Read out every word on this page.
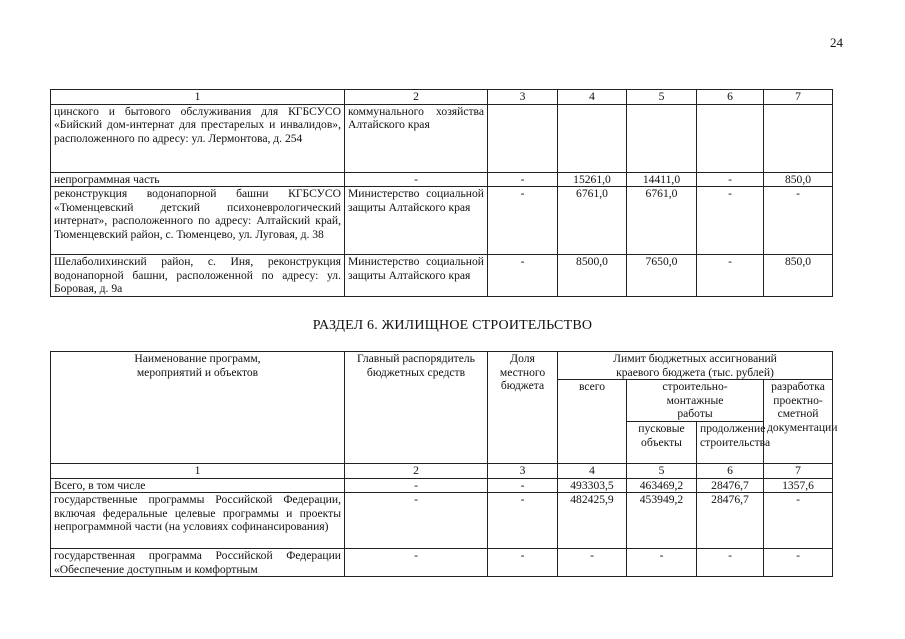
24
1	2	3	4	5	6	7
цинского и бытового обслуживания для КГБСУСО «Бийский дом-интернат для престарелых и инвалидов», расположенного по адресу: ул. Лермонтова, д. 254	коммунального хозяйства Алтайского края					
непрограммная часть	-	-	15261,0	14411,0	-	850,0
реконструкция водонапорной башни КГБСУСО «Тюменцевский детский психоневрологический интернат», расположенного по адресу: Алтайский край, Тюменцевский район, с. Тюменцево, ул. Луговая, д. 38	Министерство социальной защиты Алтайского края	-	6761,0	6761,0	-	-
Шелаболихинский район, с. Иня, реконструкция водонапорной башни, расположенной по адресу: ул. Боровая, д. 9а	Министерство социальной защиты Алтайского края	-	8500,0	7650,0	-	850,0
РАЗДЕЛ 6. ЖИЛИЩНОЕ СТРОИТЕЛЬСТВО
Наименование программ, мероприятий и объектов	Главный распорядитель бюджетных средств	Доля местного бюджета	Лимит бюджетных ассигнований краевого бюджета (тыс. рублей)			
			всего	строительно-монтажные работы		разработка проектно-сметной документации
				пусковые объекты	продолжение строительства	
1	2	3	4	5	6	7
Всего, в том числе	-	-	493303,5	463469,2	28476,7	1357,6
государственные программы Российской Федерации, включая федеральные целевые программы и проекты непрограммной части (на условиях софинансирования)	-	-	482425,9	453949,2	28476,7	-
государственная программа Российской Федерации «Обеспечение доступным и комфортным	-	-	-	-	-	-
